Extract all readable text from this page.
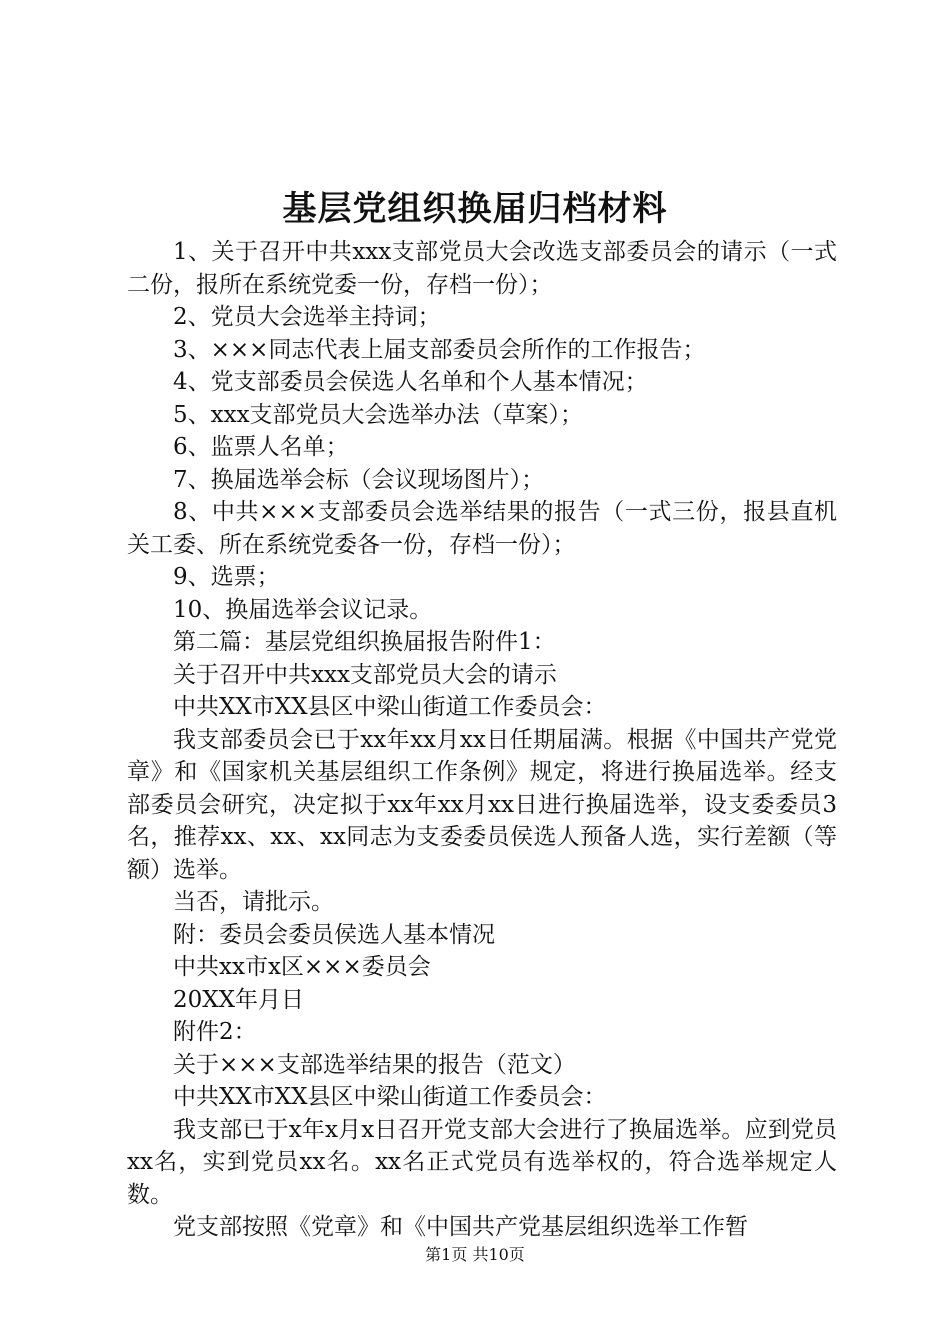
基层党组织换届归档材料

1、关于召开中共xxx支部党员大会改选支部委员会的请示（一式二份，报所在系统党委一份，存档一份）；

2、党员大会选举主持词；

3、×××同志代表上届支部委员会所作的工作报告；

4、党支部委员会侯选人名单和个人基本情况；

5、xxx支部党员大会选举办法（草案）；

6、监票人名单；

7、换届选举会标（会议现场图片）；

8、中共×××支部委员会选举结果的报告（一式三份，报县直机关工委、所在系统党委各一份，存档一份）；

9、选票；

10、换届选举会议记录。

第二篇：基层党组织换届报告附件1：

关于召开中共xxx支部党员大会的请示

中共XX市XX县区中梁山街道工作委员会：

我支部委员会已于xx年xx月xx日任期届满。根据《中国共产党党章》和《国家机关基层组织工作条例》规定，将进行换届选举。经支部委员会研究，决定拟于xx年xx月xx日进行换届选举，设支委委员3名，推荐xx、xx、xx同志为支委委员侯选人预备人选，实行差额（等额）选举。

当否，请批示。

附：委员会委员侯选人基本情况

中共xx市x区×××委员会

20XX年月日

附件2：

关于×××支部选举结果的报告（范文）

中共XX市XX县区中梁山街道工作委员会：

我支部已于x年x月x日召开党支部大会进行了换届选举。应到党员xx名，实到党员xx名。xx名正式党员有选举权的，符合选举规定人数。

党支部按照《党章》和《中国共产党基层组织选举工作暂

第1页 共10页
